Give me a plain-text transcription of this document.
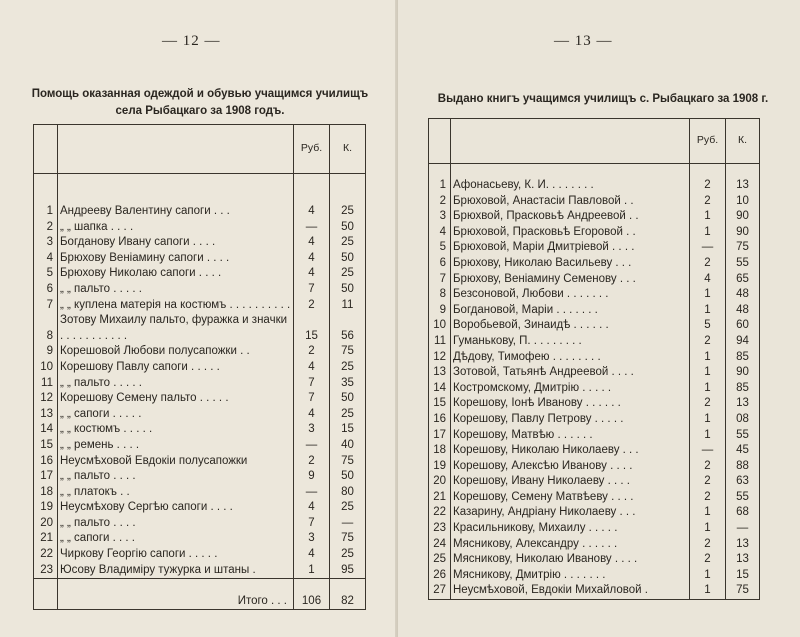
— 12 —
Помощь оказанная одеждой и обувью учащимся училищъ села Рыбацкаго за 1908 годъ.
		Руб.	К.

1	Андрееву Валентину сапоги . . .	4	25
2	„ „ шапка . . . .	—	50
3	Богданову Ивану сапоги . . . .	4	25
4	Брюхову Веніамину сапоги . . . .	4	50
5	Брюхову Николаю сапоги . . . .	4	25
6	„ „ пальто . . . . .	7	50
7	„ „ куплена матерія на костюмъ . . . . . . . . . .	2	11
8	Зотову Михаилу пальто, фуражка и значки . . . . . . . . . . .	15	56
9	Корешовой Любови полусапожки . .	2	75
10	Корешову Павлу сапоги . . . . .	4	25
11	„ „ пальто . . . . .	7	35
12	Корешову Семену пальто . . . . .	7	50
13	„ „ сапоги . . . . .	4	25
14	„ „ костюмъ . . . . .	3	15
15	„ „ ремень . . . .	—	40
16	Неусмѣховой Евдокіи полусапожки	2	75
17	„ „ пальто . . . .	9	50
18	„ „ платокъ . .	—	80
19	Неусмѣхову Сергѣю сапоги . . . .	4	25
20	„ „ пальто . . . .	7	—
21	„ „ сапоги . . . .	3	75
22	Чиркову Георгію сапоги . . . . .	4	25
23	Юсову Владиміру тужурка и штаны .	1	95
	Итого . . .	106	82
— 13 —
Выдано книгъ учащимся училищъ с. Рыбацкаго за 1908 г.
		Руб.	К.

1	Афонасьеву, К. И. . . . . . . .	2	13
2	Брюховой, Анастасіи Павловой . .	2	10
3	Брюхвой, Прасковьѣ Андреевой . .	1	90
4	Брюховой, Прасковьѣ Егоровой . .	1	90
5	Брюховой, Маріи Дмитріевой . . . .	—	75
6	Брюхову, Николаю Васильеву . . .	2	55
7	Брюхову, Веніамину Семенову . . .	4	65
8	Безсоновой, Любови . . . . . . .	1	48
9	Богдановой, Маріи . . . . . . .	1	48
10	Воробьевой, Зинаидѣ . . . . . .	5	60
11	Гуманькову, П. . . . . . . . .	2	94
12	Дѣдову, Тимофею . . . . . . . .	1	85
13	Зотовой, Татьянѣ Андреевой . . . .	1	90
14	Костромскому, Дмитрію . . . . .	1	85
15	Корешову, Іонѣ Иванову . . . . . .	2	13
16	Корешову, Павлу Петрову . . . . .	1	08
17	Корешову, Матвѣю . . . . . .	1	55
18	Корешову, Николаю Николаеву . . .	—	45
19	Корешову, Алексѣю Иванову . . . .	2	88
20	Корешову, Ивану Николаеву . . . .	2	63
21	Корешову, Семену Матвѣеву . . . .	2	55
22	Казарину, Андріану Николаеву . . .	1	68
23	Красильникову, Михаилу . . . . .	1	—
24	Мясникову, Александру . . . . . .	2	13
25	Мясникову, Николаю Иванову . . . .	2	13
26	Мясникову, Дмитрію . . . . . . .	1	15
27	Неусмѣховой, Евдокіи Михайловой .	1	75
